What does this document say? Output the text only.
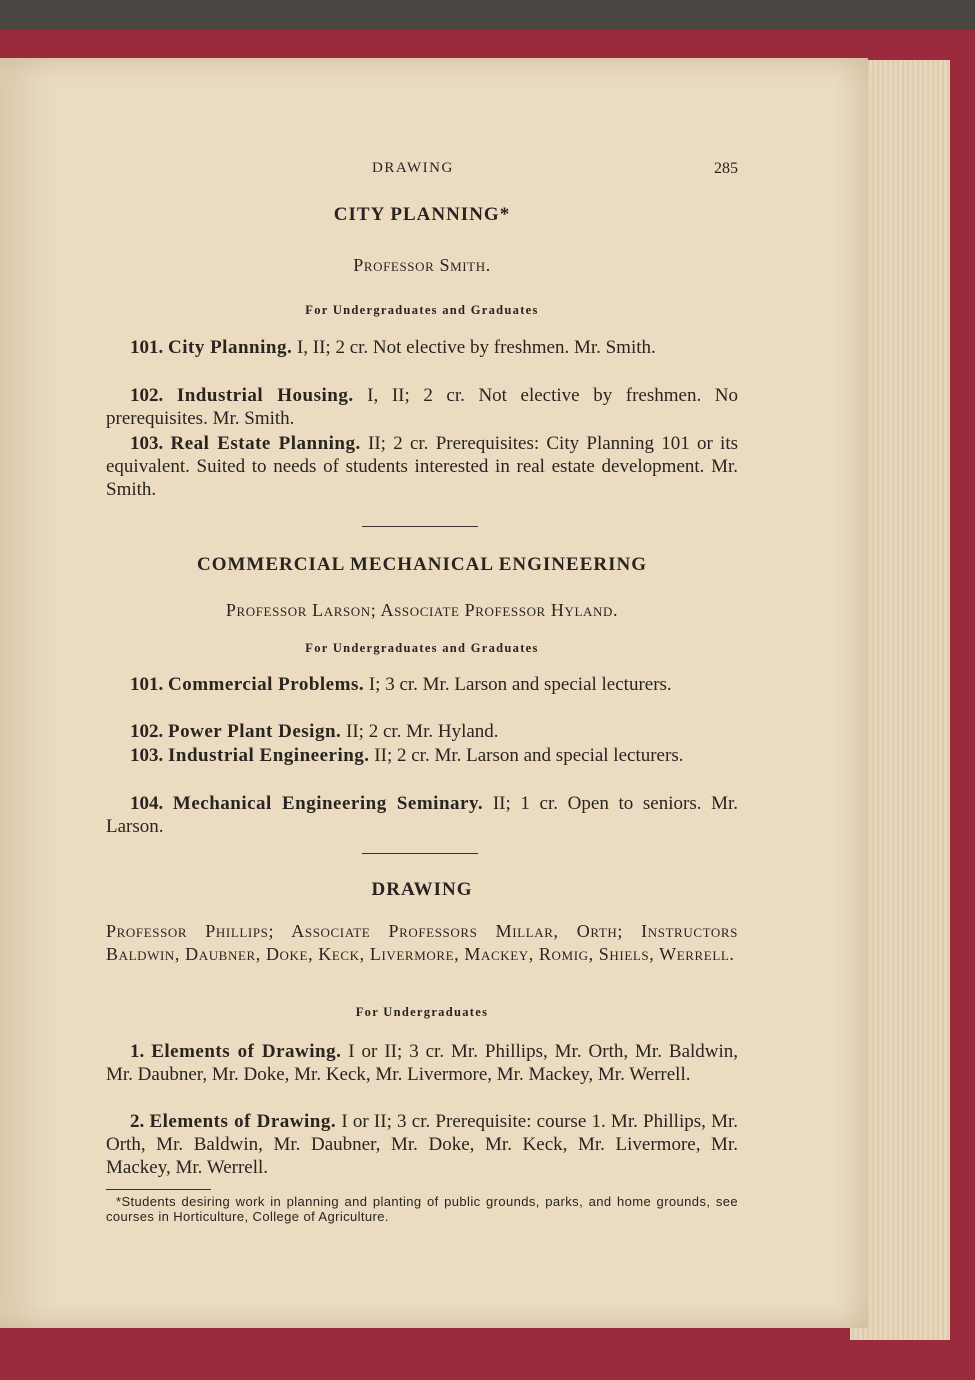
DRAWING	285
CITY PLANNING*
Professor Smith.
For Undergraduates and Graduates
101. City Planning. I, II; 2 cr. Not elective by freshmen. Mr. Smith.
102. Industrial Housing. I, II; 2 cr. Not elective by freshmen. No prerequisites. Mr. Smith.
103. Real Estate Planning. II; 2 cr. Prerequisites: City Planning 101 or its equivalent. Suited to needs of students interested in real estate development. Mr. Smith.
COMMERCIAL MECHANICAL ENGINEERING
Professor Larson; Associate Professor Hyland.
For Undergraduates and Graduates
101. Commercial Problems. I; 3 cr. Mr. Larson and special lecturers.
102. Power Plant Design. II; 2 cr. Mr. Hyland.
103. Industrial Engineering. II; 2 cr. Mr. Larson and special lecturers.
104. Mechanical Engineering Seminary. II; 1 cr. Open to seniors. Mr. Larson.
DRAWING
Professor Phillips; Associate Professors Millar, Orth; Instructors Baldwin, Daubner, Doke, Keck, Livermore, Mackey, Romig, Shiels, Werrell.
For Undergraduates
1. Elements of Drawing. I or II; 3 cr. Mr. Phillips, Mr. Orth, Mr. Baldwin, Mr. Daubner, Mr. Doke, Mr. Keck, Mr. Livermore, Mr. Mackey, Mr. Werrell.
2. Elements of Drawing. I or II; 3 cr. Prerequisite: course 1. Mr. Phillips, Mr. Orth, Mr. Baldwin, Mr. Daubner, Mr. Doke, Mr. Keck, Mr. Livermore, Mr. Mackey, Mr. Werrell.
*Students desiring work in planning and planting of public grounds, parks, and home grounds, see courses in Horticulture, College of Agriculture.
